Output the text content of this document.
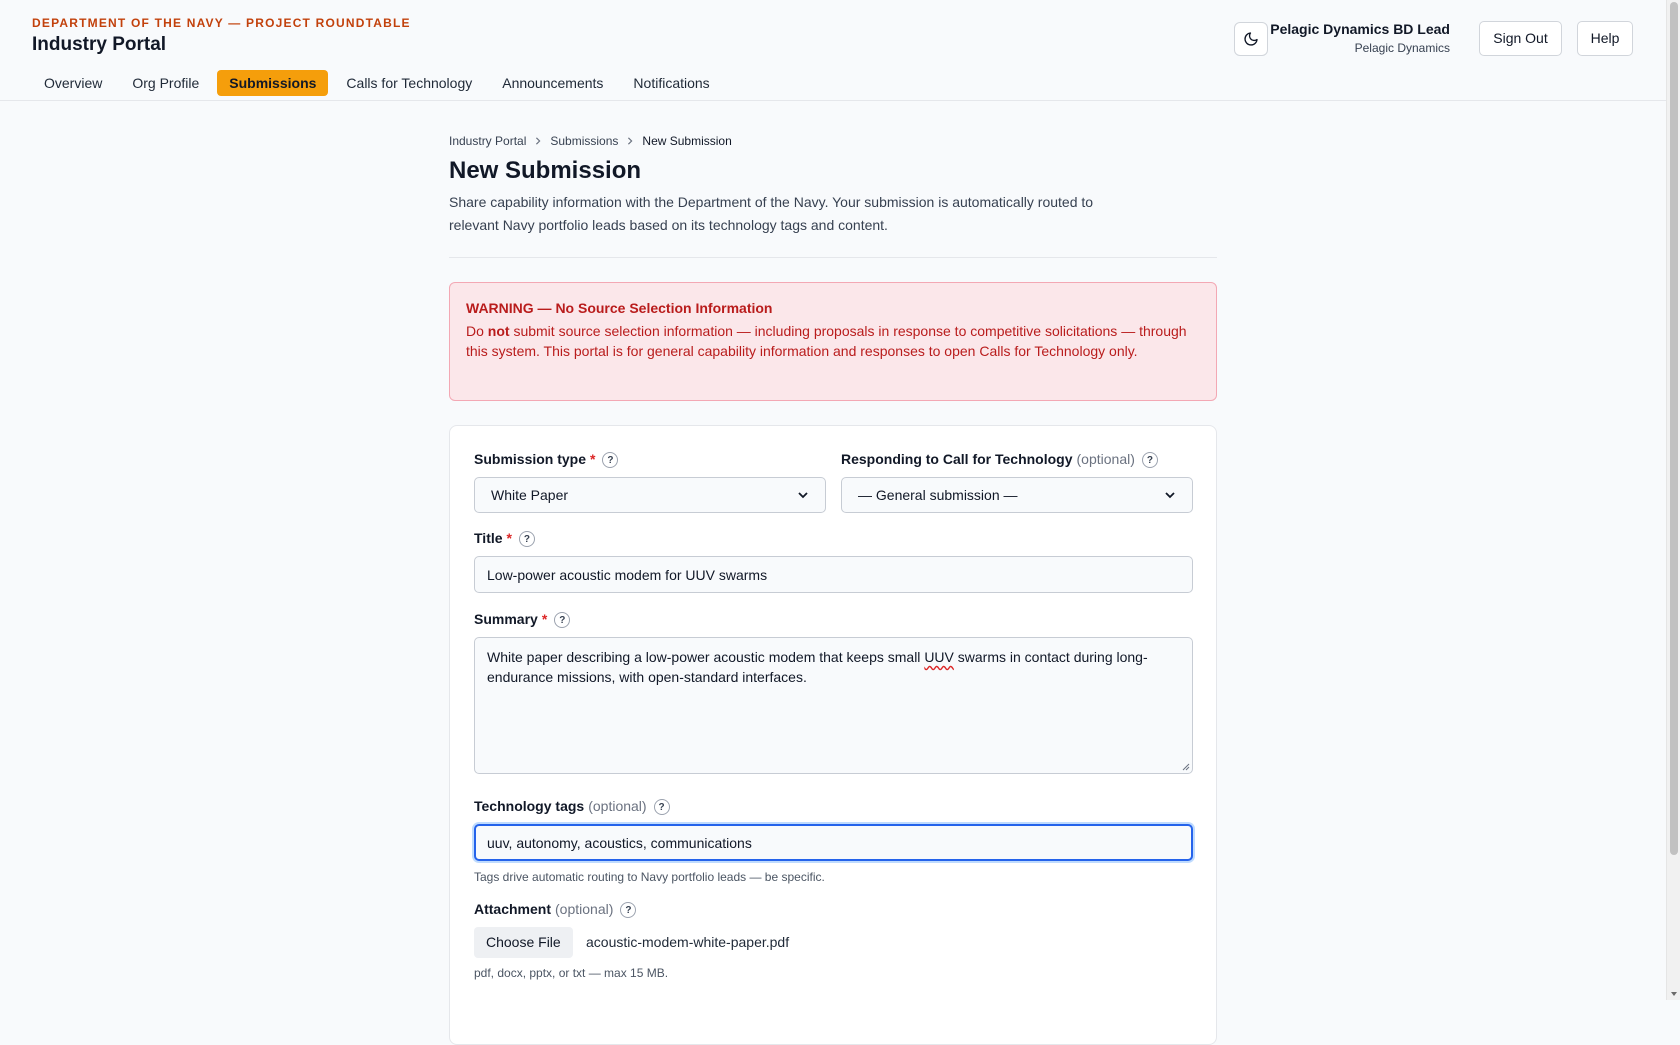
DEPARTMENT OF THE NAVY — PROJECT ROUNDTABLE
Industry Portal
Overview	Org Profile	Submissions	Calls for Technology	Announcements	Notifications
Pelagic Dynamics BD Lead
Pelagic Dynamics
Sign Out	Help
Industry Portal Submissions New Submission
New Submission

Share capability information with the Department of the Navy. Your submission is automatically routed to relevant Navy portfolio leads based on its technology tags and content.

WARNING — No Source Selection Information

Do not submit source selection information — including proposals in response to competitive solicitations — through this system. This portal is for general capability information and responses to open Calls for Technology only.

Submission type *	?
White Paper
Responding to Call for Technology (optional)	?
— General submission —
Title *	?
Low-power acoustic modem for UUV swarms
Summary *	?
White paper describing a low-power acoustic modem that keeps small UUV swarms in contact during long-endurance missions, with open-standard interfaces.
Technology tags (optional)	?
uuv, autonomy, acoustics, communications
Tags drive automatic routing to Navy portfolio leads — be specific.
Attachment (optional)	?
Choose File	acoustic-modem-white-paper.pdf
pdf, docx, pptx, or txt — max 15 MB.
